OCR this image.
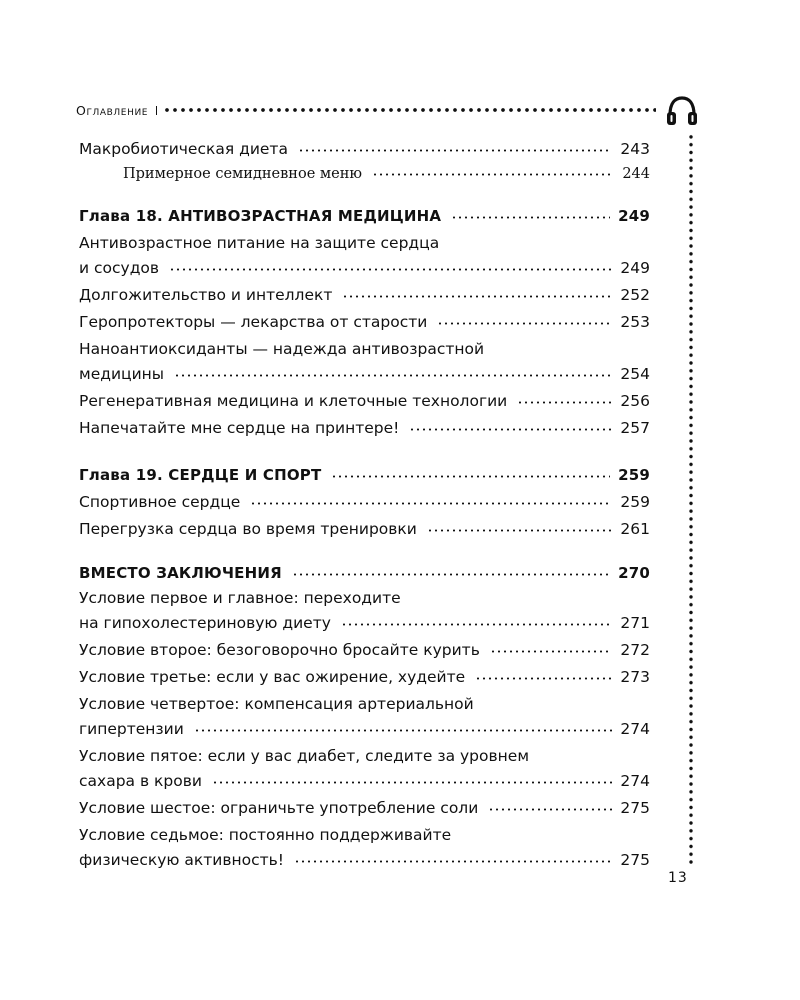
Оглавление
Макробиотическая диета	243
Примерное семидневное меню	244
Глава 18. АНТИВОЗРАСТНАЯ МЕДИЦИНА	249
Антивозрастное питание на защите сердца
и сосудов	249
Долгожительство и интеллект	252
Геропротекторы — лекарства от старости	253
Наноантиоксиданты — надежда антивозрастной
медицины	254
Регенеративная медицина и клеточные технологии	256
Напечатайте мне сердце на принтере!	257
Глава 19. СЕРДЦЕ И СПОРТ	259
Спортивное сердце	259
Перегрузка сердца во время тренировки	261
ВМЕСТО ЗАКЛЮЧЕНИЯ	270
Условие первое и главное: переходите
на гипохолестериновую диету	271
Условие второе: безоговорочно бросайте курить	272
Условие третье: если у вас ожирение, худейте	273
Условие четвертое: компенсация артериальной
гипертензии	274
Условие пятое: если у вас диабет, следите за уровнем
сахара в крови	274
Условие шестое: ограничьте употребление соли	275
Условие седьмое: постоянно поддерживайте
физическую активность!	275
13
